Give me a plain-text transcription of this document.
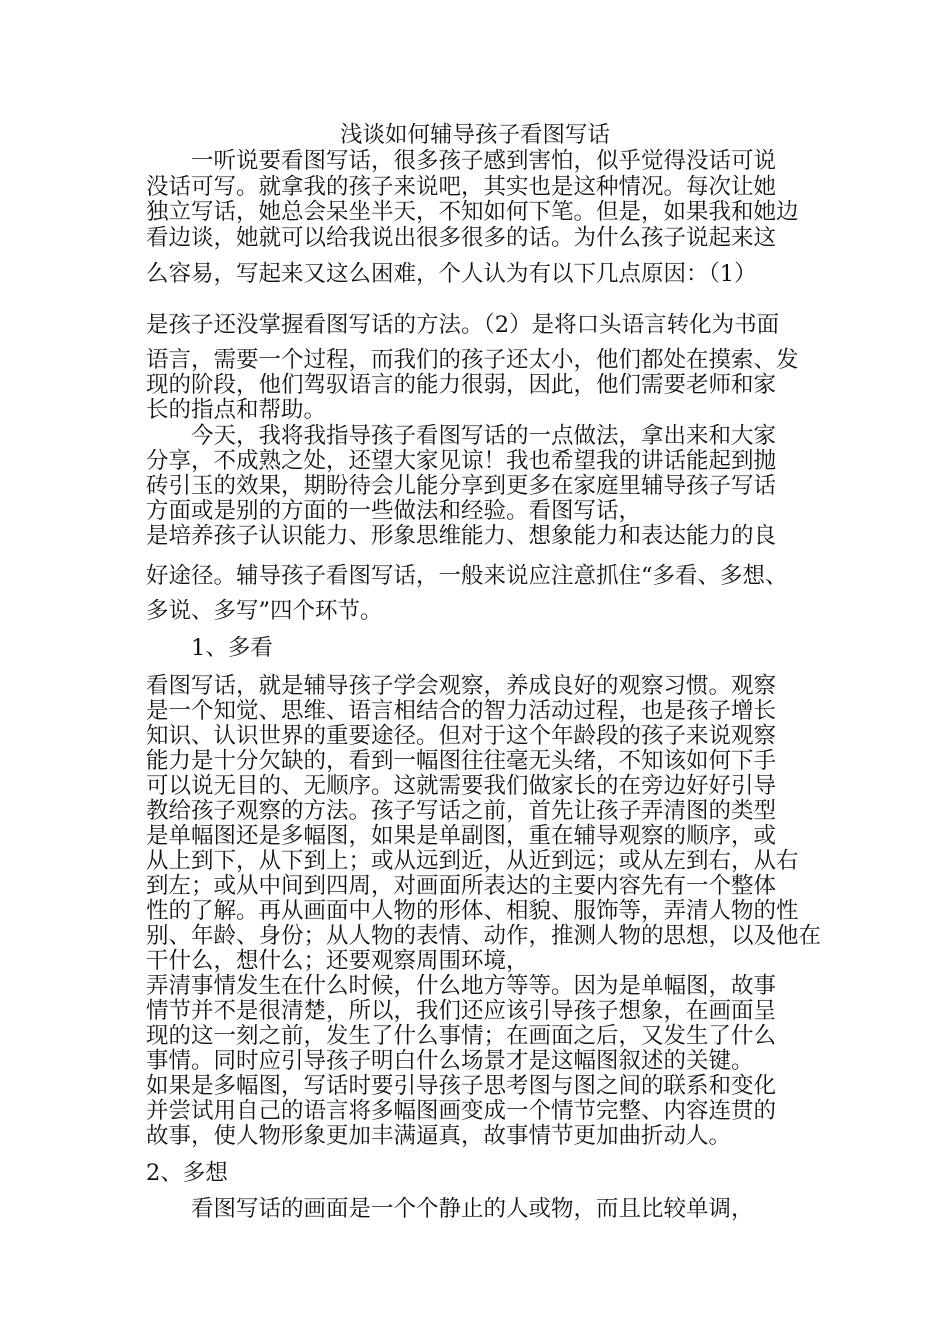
浅谈如何辅导孩子看图写话
　　一听说要看图写话，很多孩子感到害怕，似乎觉得没话可说
没话可写。就拿我的孩子来说吧，其实也是这种情况。每次让她
独立写话，她总会呆坐半天，不知如何下笔。但是，如果我和她边
看边谈，她就可以给我说出很多很多的话。为什么孩子说起来这
么容易，写起来又这么困难，个人认为有以下几点原因：（1）
是孩子还没掌握看图写话的方法。（2）是将口头语言转化为书面
语言，需要一个过程，而我们的孩子还太小，他们都处在摸索、发
现的阶段，他们驾驭语言的能力很弱，因此，他们需要老师和家
长的指点和帮助。
　　今天，我将我指导孩子看图写话的一点做法，拿出来和大家
分享，不成熟之处，还望大家见谅！我也希望我的讲话能起到抛
砖引玉的效果，期盼待会儿能分享到更多在家庭里辅导孩子写话
方面或是别的方面的一些做法和经验。看图写话，
是培养孩子认识能力、形象思维能力、想象能力和表达能力的良
好途径。辅导孩子看图写话，一般来说应注意抓住“多看、多想、
多说、多写”四个环节。
　　1、多看
看图写话，就是辅导孩子学会观察，养成良好的观察习惯。观察
是一个知觉、思维、语言相结合的智力活动过程，也是孩子增长
知识、认识世界的重要途径。但对于这个年龄段的孩子来说观察
能力是十分欠缺的，看到一幅图往往毫无头绪，不知该如何下手
可以说无目的、无顺序。这就需要我们做家长的在旁边好好引导
教给孩子观察的方法。孩子写话之前，首先让孩子弄清图的类型
是单幅图还是多幅图，如果是单副图，重在辅导观察的顺序，或
从上到下，从下到上；或从远到近，从近到远；或从左到右，从右
到左；或从中间到四周，对画面所表达的主要内容先有一个整体
性的了解。再从画面中人物的形体、相貌、服饰等，弄清人物的性
别、年龄、身份；从人物的表情、动作，推测人物的思想，以及他在
干什么，想什么；还要观察周围环境，
弄清事情发生在什么时候，什么地方等等。因为是单幅图，故事
情节并不是很清楚，所以，我们还应该引导孩子想象，在画面呈
现的这一刻之前，发生了什么事情；在画面之后，又发生了什么
事情。同时应引导孩子明白什么场景才是这幅图叙述的关键。
如果是多幅图，写话时要引导孩子思考图与图之间的联系和变化
并尝试用自己的语言将多幅图画变成一个情节完整、内容连贯的
故事，使人物形象更加丰满逼真，故事情节更加曲折动人。
2、多想
　　看图写话的画面是一个个静止的人或物，而且比较单调，
